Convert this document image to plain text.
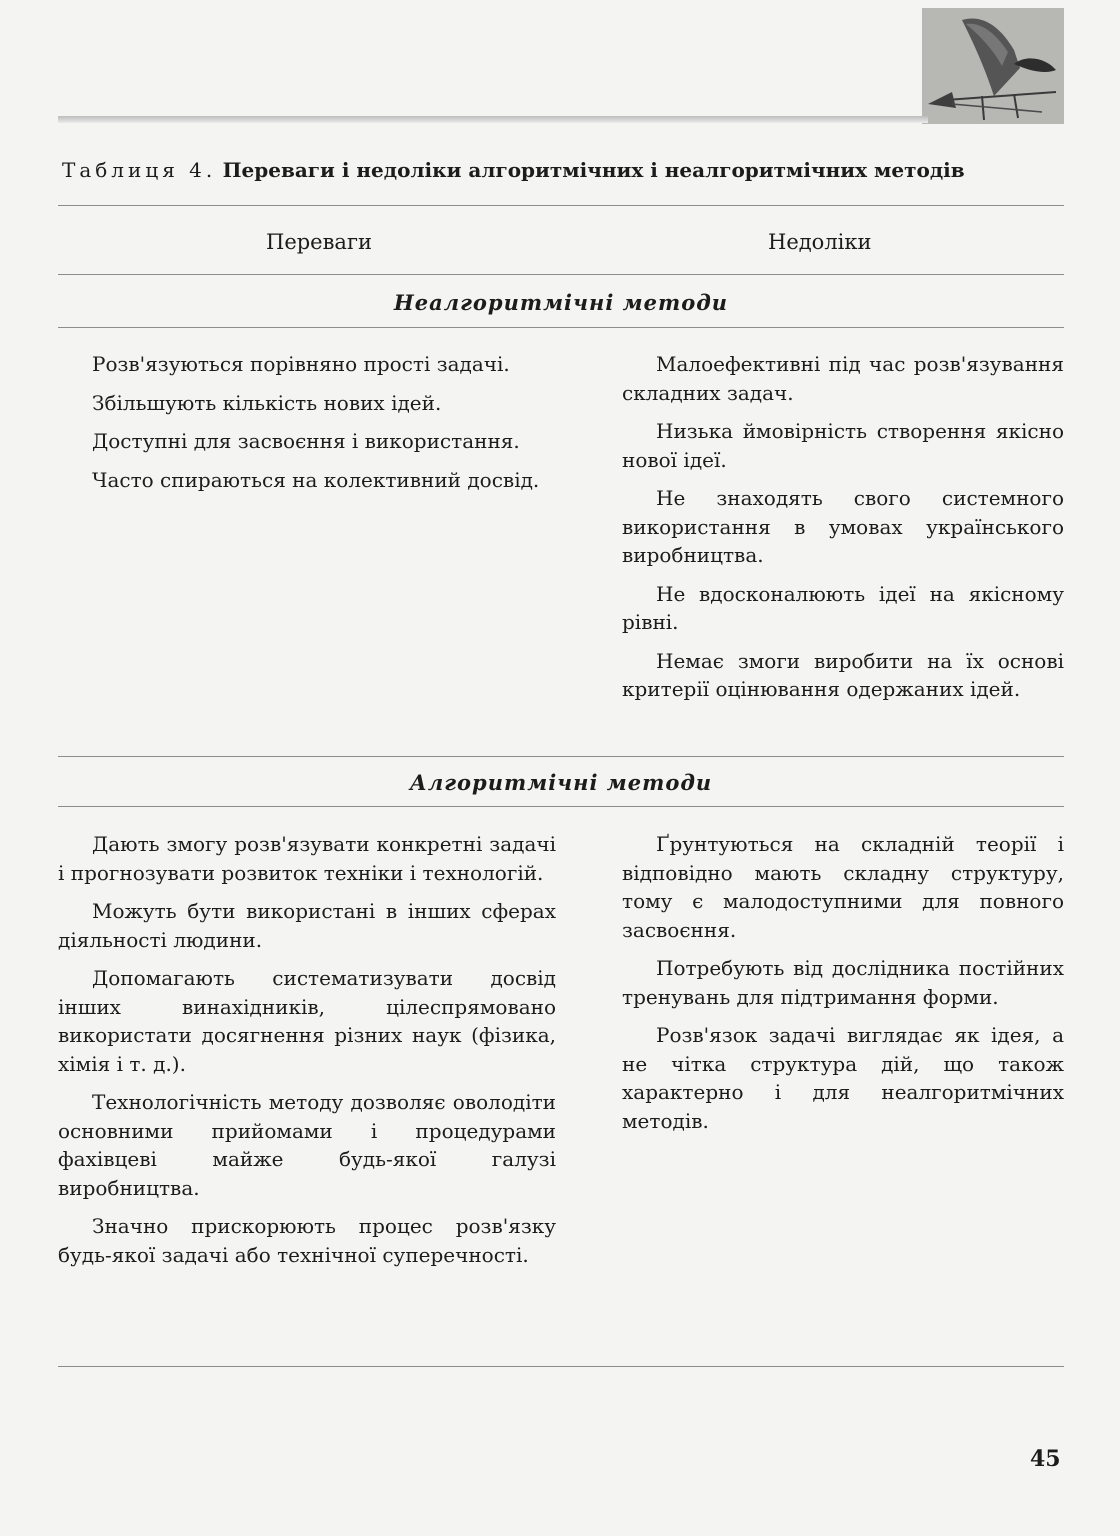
Таблиця 4. Переваги і недоліки алгоритмічних і неалгоритмічних методів
Переваги	Недоліки
Неалгоритмічні методи

Розв'язуються порівняно прості задачі.

Збільшують кількість нових ідей.

Доступні для засвоєння і використання.

Часто спираються на колективний досвід.

Малоефективні під час розв'язування складних задач.

Низька ймовірність створення якісно нової ідеї.

Не знаходять свого системного використання в умовах українського виробництва.

Не вдосконалюють ідеї на якісному рівні.

Немає змоги виробити на їх основі критерії оцінювання одержаних ідей.

Алгоритмічні методи

Дають змогу розв'язувати конкретні задачі і прогнозувати розвиток техніки і технологій.

Можуть бути використані в інших сферах діяльності людини.

Допомагають систематизувати досвід інших винахідників, цілеспрямовано використати досягнення різних наук (фізика, хімія і т. д.).

Технологічність методу дозволяє оволодіти основними прийомами і процедурами фахівцеві майже будь-якої галузі виробництва.

Значно прискорюють процес розв'язку будь-якої задачі або технічної суперечності.

Ґрунтуються на складній теорії і відповідно мають складну структуру, тому є малодоступними для повного засвоєння.

Потребують від дослідника постійних тренувань для підтримання форми.

Розв'язок задачі виглядає як ідея, а не чітка структура дій, що також характерно і для неалгоритмічних методів.

45
